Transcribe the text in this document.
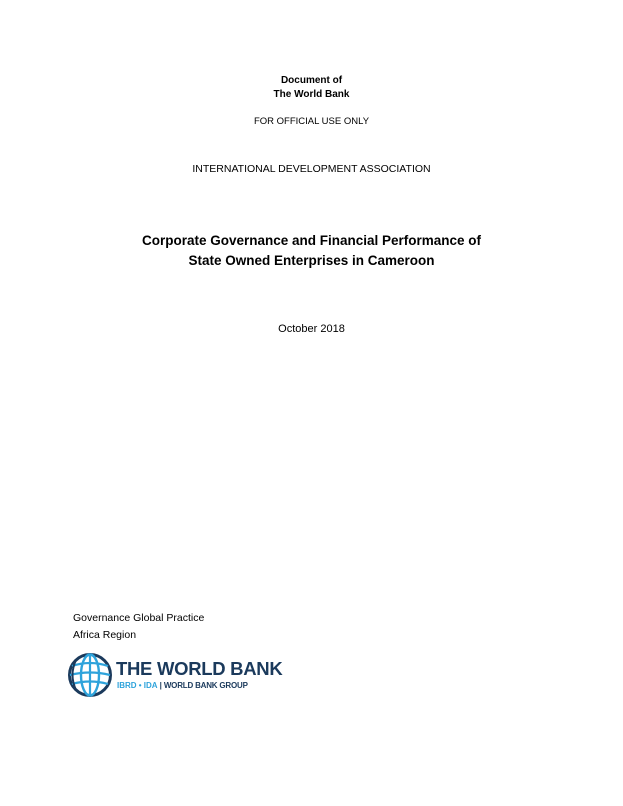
Document of
The World Bank
FOR OFFICIAL USE ONLY
INTERNATIONAL DEVELOPMENT ASSOCIATION
Corporate Governance and Financial Performance of
State Owned Enterprises in Cameroon
October 2018
Governance Global Practice
Africa Region
THE WORLD BANK
IBRD • IDA | WORLD BANK GROUP
